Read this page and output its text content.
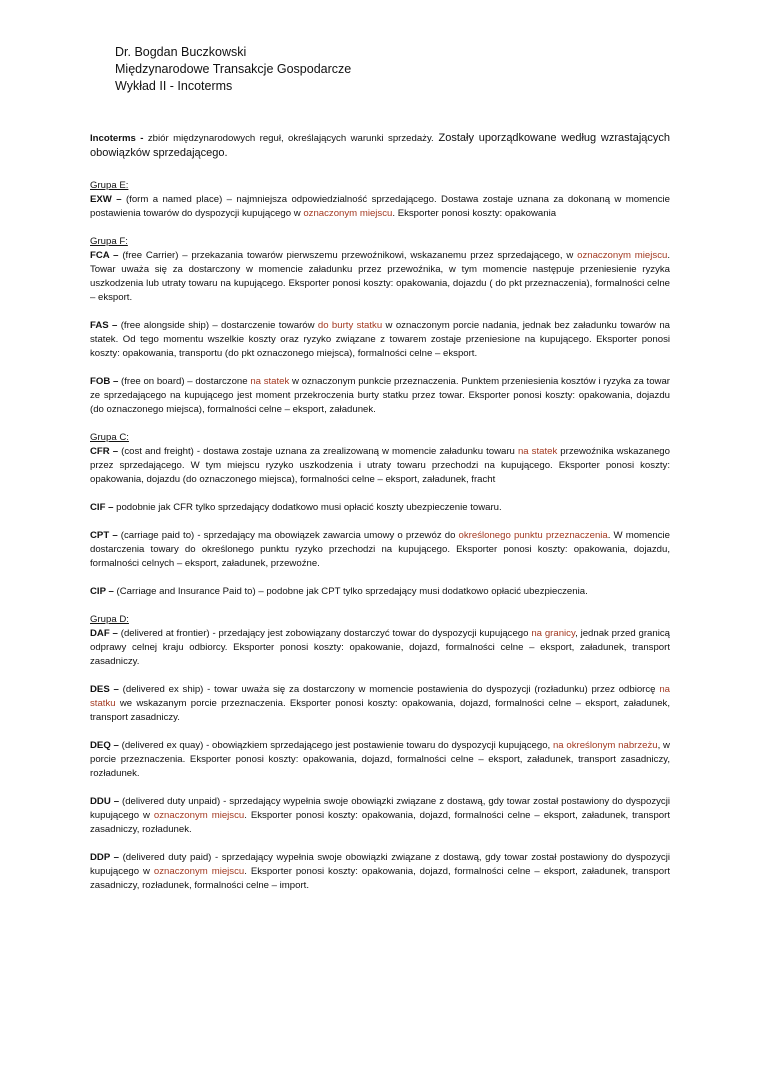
Dr. Bogdan Buczkowski
Międzynarodowe Transakcje Gospodarcze
Wykład II - Incoterms

Incoterms - zbiór międzynarodowych reguł, określających warunki sprzedaży. Zostały uporządkowane według wzrastających obowiązków sprzedającego.

Grupa E:
EXW – (form a named place) – najmniejsza odpowiedzialność sprzedającego. Dostawa zostaje uznana za dokonaną w momencie postawienia towarów do dyspozycji kupującego w oznaczonym miejscu. Eksporter ponosi koszty: opakowania

Grupa F:
FCA – (free Carrier) – przekazania towarów pierwszemu przewoźnikowi, wskazanemu przez sprzedającego, w oznaczonym miejscu. Towar uważa się za dostarczony w momencie załadunku przez przewoźnika, w tym momencie następuje przeniesienie ryzyka uszkodzenia lub utraty towaru na kupującego. Eksporter ponosi koszty: opakowania, dojazdu ( do pkt przeznaczenia), formalności celne – eksport.

FAS – (free alongside ship) – dostarczenie towarów do burty statku w oznaczonym porcie nadania, jednak bez załadunku towarów na statek. Od tego momentu wszelkie koszty oraz ryzyko związane z towarem zostaje przeniesione na kupującego. Eksporter ponosi koszty: opakowania, transportu (do pkt oznaczonego miejsca), formalności celne – eksport.

FOB – (free on board) – dostarczone na statek w oznaczonym punkcie przeznaczenia. Punktem przeniesienia kosztów i ryzyka za towar ze sprzedającego na kupującego jest moment przekroczenia burty statku przez towar. Eksporter ponosi koszty: opakowania, dojazdu (do oznaczonego miejsca), formalności celne – eksport, załadunek.

Grupa C:
CFR – (cost and freight) - dostawa zostaje uznana za zrealizowaną w momencie załadunku towaru na statek przewoźnika wskazanego przez sprzedającego. W tym miejscu ryzyko uszkodzenia i utraty towaru przechodzi na kupującego. Eksporter ponosi koszty: opakowania, dojazdu (do oznaczonego miejsca), formalności celne – eksport, załadunek, fracht

CIF – podobnie jak CFR tylko sprzedający dodatkowo musi opłacić koszty ubezpieczenie towaru.

CPT – (carriage paid to) - sprzedający ma obowiązek zawarcia umowy o przewóz do określonego punktu przeznaczenia. W momencie dostarczenia towary do określonego punktu ryzyko przechodzi na kupującego. Eksporter ponosi koszty: opakowania, dojazdu, formalności celnych – eksport, załadunek, przewoźne.

CIP – (Carriage and Insurance Paid to) – podobne jak CPT tylko sprzedający musi dodatkowo opłacić ubezpieczenia.

Grupa D:
DAF – (delivered at frontier) - przedający jest zobowiązany dostarczyć towar do dyspozycji kupującego na granicy, jednak przed granicą odprawy celnej kraju odbiorcy. Eksporter ponosi koszty: opakowanie, dojazd, formalności celne – eksport, załadunek, transport zasadniczy.

DES – (delivered ex ship) - towar uważa się za dostarczony w momencie postawienia do dyspozycji (rozładunku) przez odbiorcę na statku we wskazanym porcie przeznaczenia. Eksporter ponosi koszty: opakowania, dojazd, formalności celne – eksport, załadunek, transport zasadniczy.

DEQ – (delivered ex quay) - obowiązkiem sprzedającego jest postawienie towaru do dyspozycji kupującego, na określonym nabrzeżu, w porcie przeznaczenia. Eksporter ponosi koszty: opakowania, dojazd, formalności celne – eksport, załadunek, transport zasadniczy, rozładunek.

DDU – (delivered duty unpaid) - sprzedający wypełnia swoje obowiązki związane z dostawą, gdy towar został postawiony do dyspozycji kupującego w oznaczonym miejscu. Eksporter ponosi koszty: opakowania, dojazd, formalności celne – eksport, załadunek, transport zasadniczy, rozładunek.

DDP – (delivered duty paid) - sprzedający wypełnia swoje obowiązki związane z dostawą, gdy towar został postawiony do dyspozycji kupującego w oznaczonym miejscu. Eksporter ponosi koszty: opakowania, dojazd, formalności celne – eksport, załadunek, transport zasadniczy, rozładunek, formalności celne – import.
